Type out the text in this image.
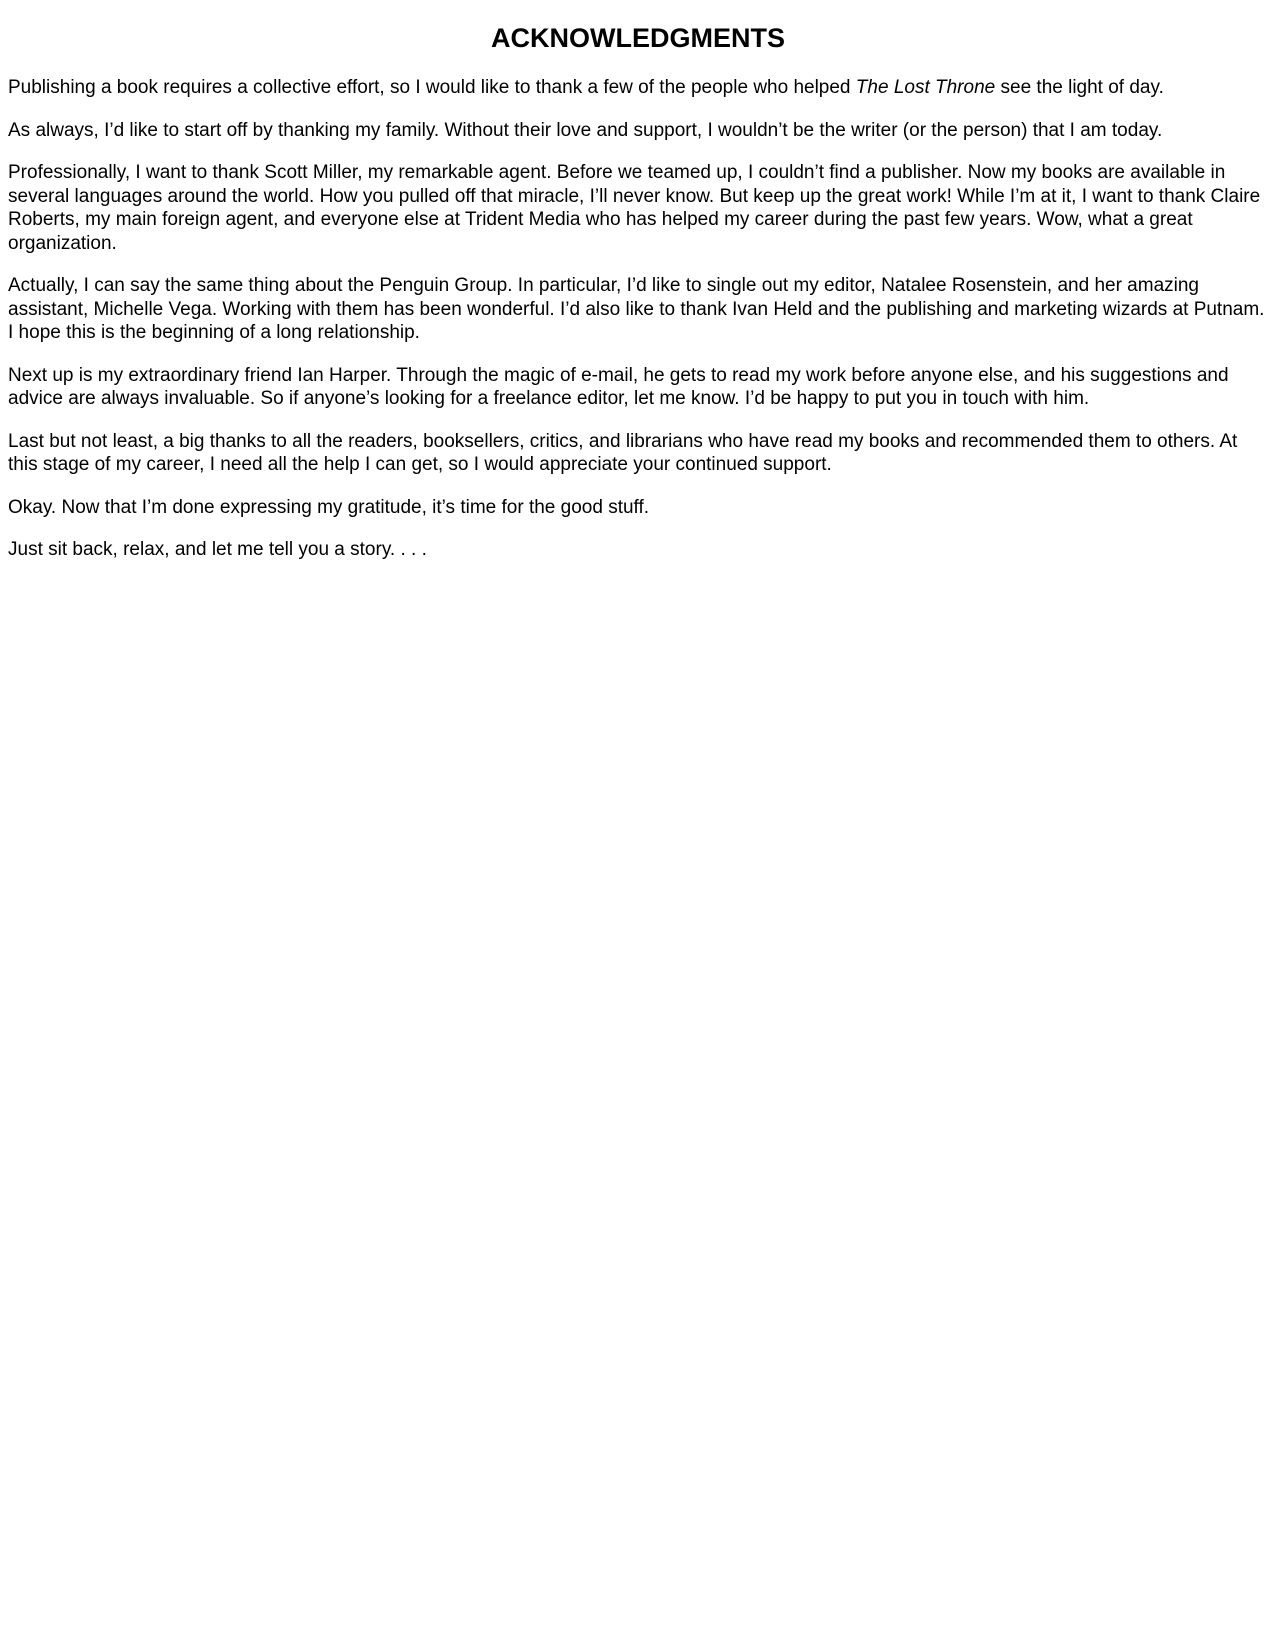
ACKNOWLEDGMENTS

Publishing a book requires a collective effort, so I would like to thank a few of the people who helped The Lost Throne see the light of day.

As always, I’d like to start off by thanking my family. Without their love and support, I wouldn’t be the writer (or the person) that I am today.

Professionally, I want to thank Scott Miller, my remarkable agent. Before we teamed up, I couldn’t find a publisher. Now my books are available in several languages around the world. How you pulled off that miracle, I’ll never know. But keep up the great work! While I’m at it, I want to thank Claire Roberts, my main foreign agent, and everyone else at Trident Media who has helped my career during the past few years. Wow, what a great organization.

Actually, I can say the same thing about the Penguin Group. In particular, I’d like to single out my editor, Natalee Rosenstein, and her amazing assistant, Michelle Vega. Working with them has been wonderful. I’d also like to thank Ivan Held and the publishing and marketing wizards at Putnam. I hope this is the beginning of a long relationship.

Next up is my extraordinary friend Ian Harper. Through the magic of e-mail, he gets to read my work before anyone else, and his suggestions and advice are always invaluable. So if anyone’s looking for a freelance editor, let me know. I’d be happy to put you in touch with him.

Last but not least, a big thanks to all the readers, booksellers, critics, and librarians who have read my books and recommended them to others. At this stage of my career, I need all the help I can get, so I would appreciate your continued support.

Okay. Now that I’m done expressing my gratitude, it’s time for the good stuff.

Just sit back, relax, and let me tell you a story. . . .
